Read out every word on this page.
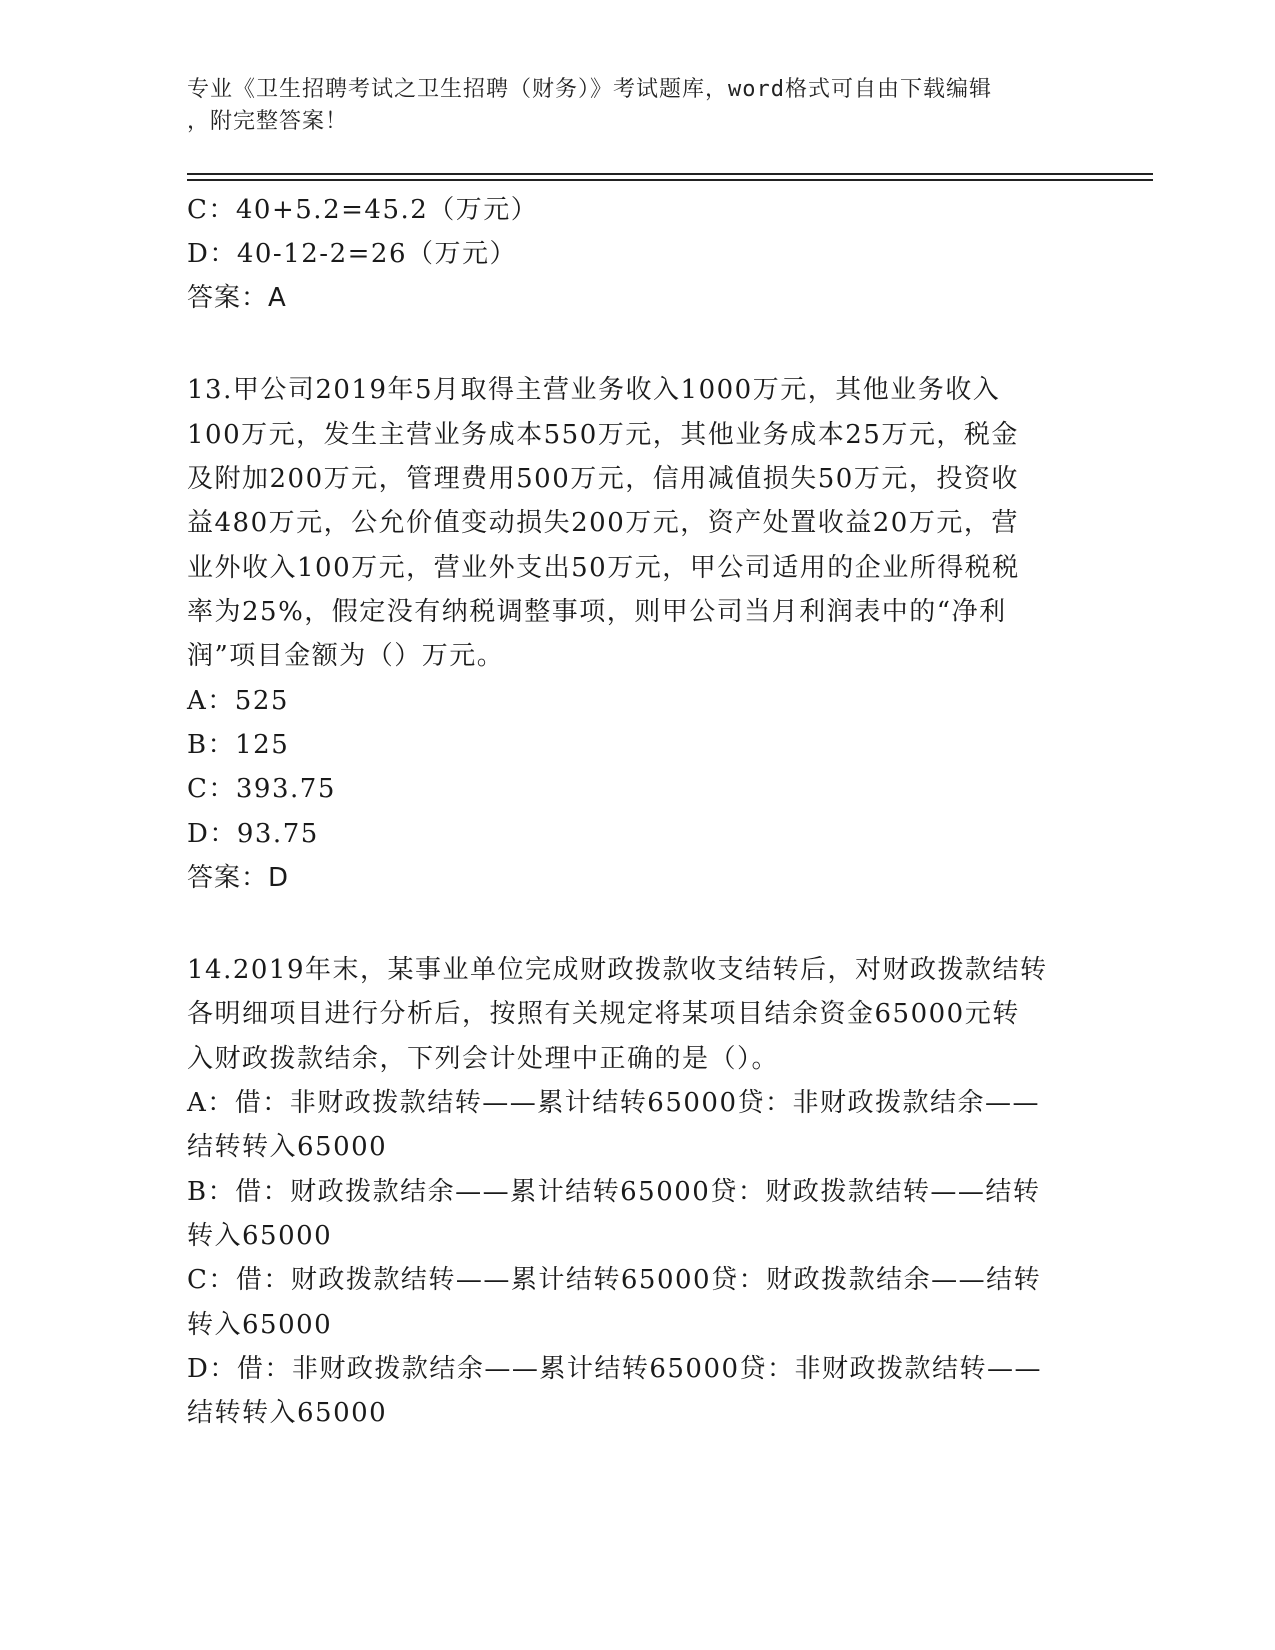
专业《卫生招聘考试之卫生招聘（财务）》考试题库，word格式可自由下载编辑
，附完整答案！
C：40+5.2=45.2（万元）
D：40-12-2=26（万元）
答案：A
13.甲公司2019年5月取得主营业务收入1000万元，其他业务收入
100万元，发生主营业务成本550万元，其他业务成本25万元，税金
及附加200万元，管理费用500万元，信用减值损失50万元，投资收
益480万元，公允价值变动损失200万元，资产处置收益20万元，营
业外收入100万元，营业外支出50万元，甲公司适用的企业所得税税
率为25%，假定没有纳税调整事项，则甲公司当月利润表中的“净利
润”项目金额为（）万元。
A：525
B：125
C：393.75
D：93.75
答案：D
14.2019年末，某事业单位完成财政拨款收支结转后，对财政拨款结转
各明细项目进行分析后，按照有关规定将某项目结余资金65000元转
入财政拨款结余，下列会计处理中正确的是（）。
A：借：非财政拨款结转——累计结转65000贷：非财政拨款结余——
结转转入65000
B：借：财政拨款结余——累计结转65000贷：财政拨款结转——结转
转入65000
C：借：财政拨款结转——累计结转65000贷：财政拨款结余——结转
转入65000
D：借：非财政拨款结余——累计结转65000贷：非财政拨款结转——
结转转入65000
